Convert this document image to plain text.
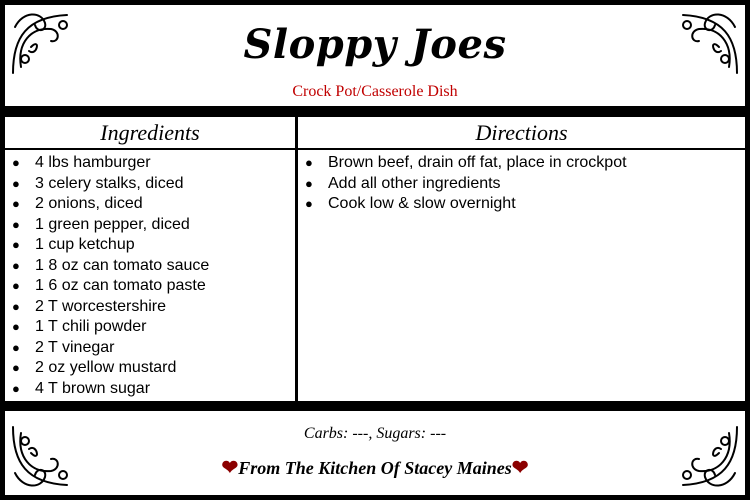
Sloppy Joes
Crock Pot/Casserole Dish
Ingredients	Directions
● 4 lbs hamburger
● 3 celery stalks, diced
● 2 onions, diced
● 1 green pepper, diced
● 1 cup ketchup
● 1 8 oz can tomato sauce
● 1 6 oz can tomato paste
● 2 T worcestershire
● 1 T chili powder
● 2 T vinegar
● 2 oz yellow mustard
● 4 T brown sugar
● Brown beef, drain off fat, place in crockpot
● Add all other ingredients
● Cook low & slow overnight
Carbs: ---, Sugars: ---
❤From The Kitchen Of Stacey Maines❤
